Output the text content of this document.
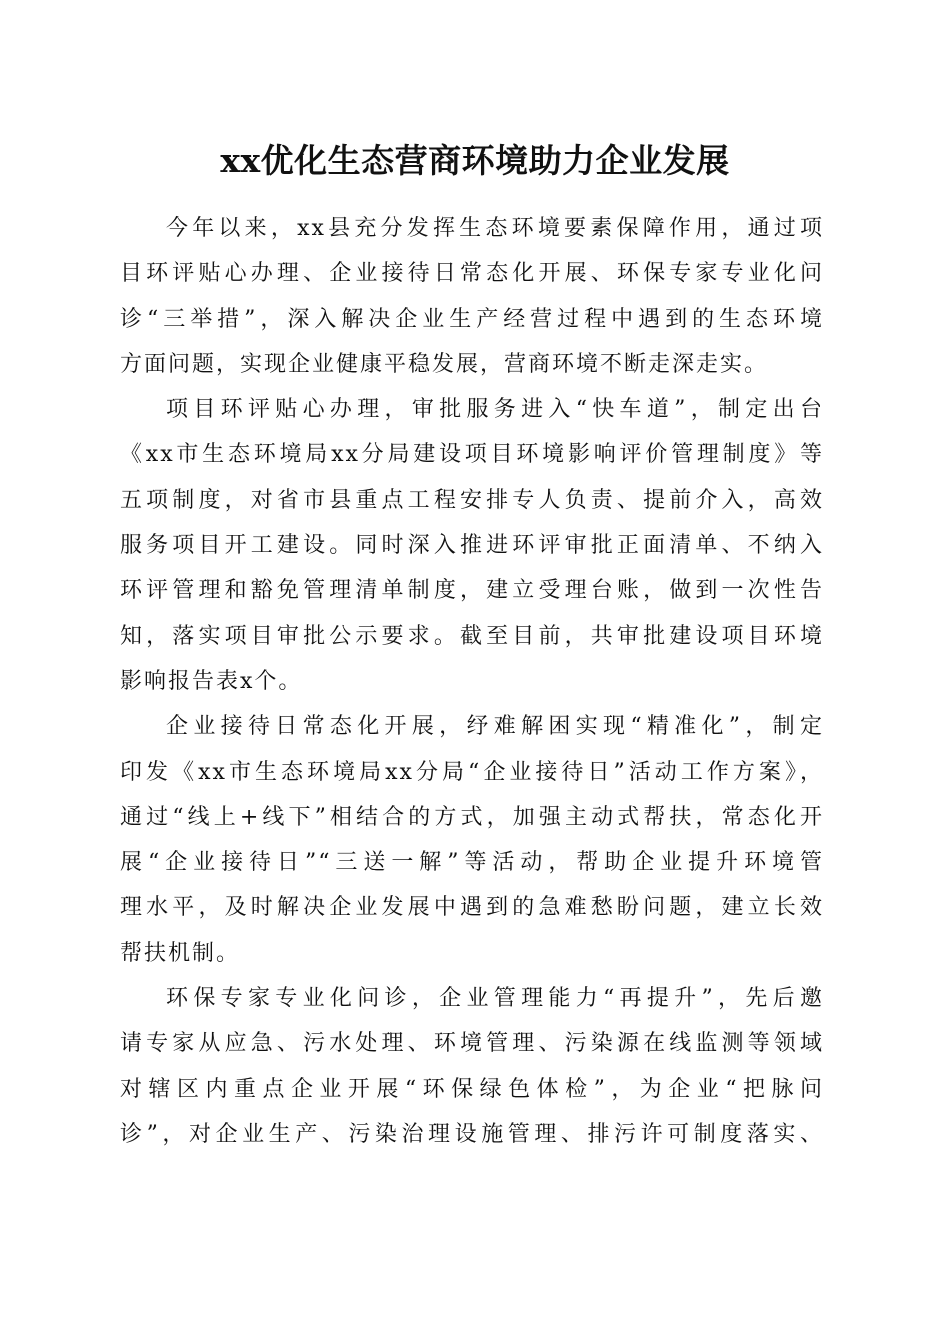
xx优化生态营商环境助力企业发展
今年以来，xx县充分发挥生态环境要素保障作用，通过项
目环评贴心办理、企业接待日常态化开展、环保专家专业化问
诊“三举措”，深入解决企业生产经营过程中遇到的生态环境
方面问题，实现企业健康平稳发展，营商环境不断走深走实。
项目环评贴心办理，审批服务进入“快车道”，制定出台
《xx市生态环境局xx分局建设项目环境影响评价管理制度》等
五项制度，对省市县重点工程安排专人负责、提前介入，高效
服务项目开工建设。同时深入推进环评审批正面清单、不纳入
环评管理和豁免管理清单制度，建立受理台账，做到一次性告
知，落实项目审批公示要求。截至目前，共审批建设项目环境
影响报告表x个。
企业接待日常态化开展，纾难解困实现“精准化”，制定
印发《xx市生态环境局xx分局“企业接待日”活动工作方案》，
通过“线上+线下”相结合的方式，加强主动式帮扶，常态化开
展“企业接待日”“三送一解”等活动，帮助企业提升环境管
理水平，及时解决企业发展中遇到的急难愁盼问题，建立长效
帮扶机制。
环保专家专业化问诊，企业管理能力“再提升”，先后邀
请专家从应急、污水处理、环境管理、污染源在线监测等领域
对辖区内重点企业开展“环保绿色体检”，为企业“把脉问
诊”，对企业生产、污染治理设施管理、排污许可制度落实、
